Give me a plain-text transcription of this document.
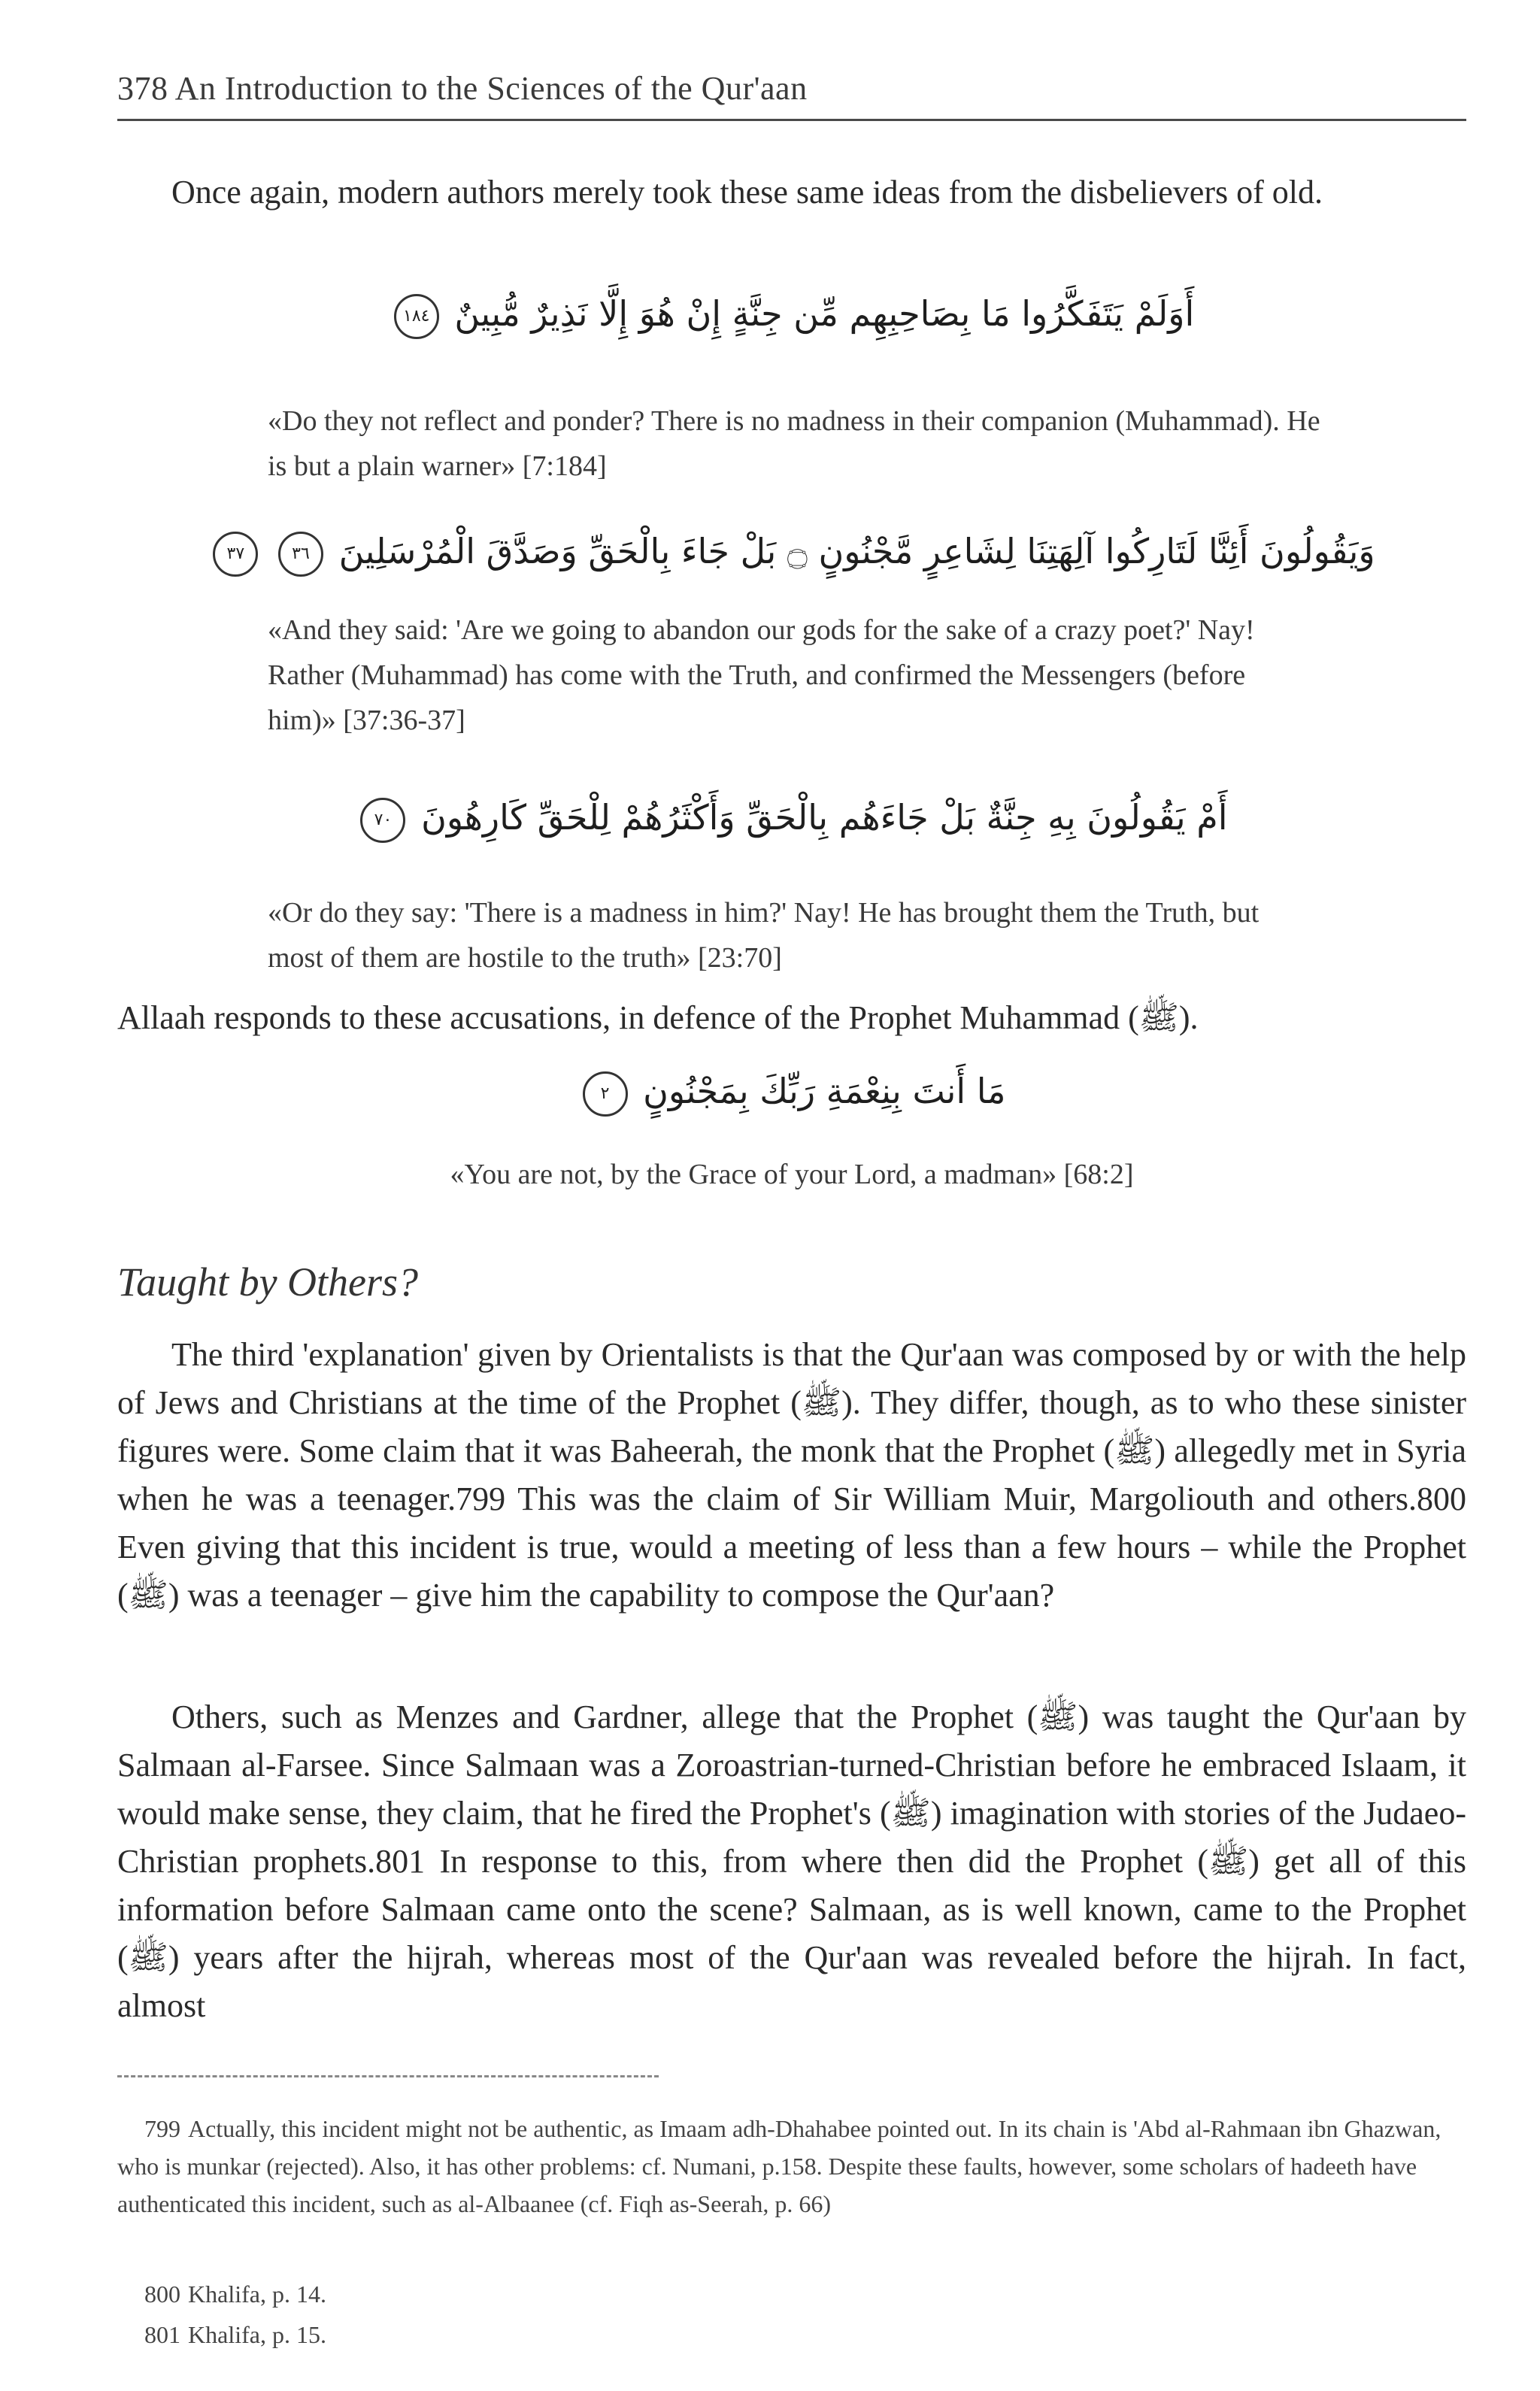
378 An Introduction to the Sciences of the Qur'aan
Once again, modern authors merely took these same ideas from the disbelievers of old.
أَوَلَمْ يَتَفَكَّرُوا مَا بِصَاحِبِهِم مِّن جِنَّةٍ إِنْ هُوَ إِلَّا نَذِيرٌ مُّبِينٌ ١٨٤
«Do they not reflect and ponder? There is no madness in their companion (Muhammad). He is but a plain warner» [7:184]
وَيَقُولُونَ أَئِنَّا لَتَارِكُوا آلِهَتِنَا لِشَاعِرٍ مَّجْنُونٍ ۝ بَلْ جَاءَ بِالْحَقِّ وَصَدَّقَ الْمُرْسَلِينَ ٣٦ ٣٧
«And they said: 'Are we going to abandon our gods for the sake of a crazy poet?' Nay! Rather (Muhammad) has come with the Truth, and confirmed the Messengers (before him)» [37:36-37]
أَمْ يَقُولُونَ بِهِ جِنَّةٌ بَلْ جَاءَهُم بِالْحَقِّ وَأَكْثَرُهُمْ لِلْحَقِّ كَارِهُونَ ٧٠
«Or do they say: 'There is a madness in him?' Nay! He has brought them the Truth, but most of them are hostile to the truth» [23:70]
Allaah responds to these accusations, in defence of the Prophet Muhammad (ﷺ).
مَا أَنتَ بِنِعْمَةِ رَبِّكَ بِمَجْنُونٍ ٢
«You are not, by the Grace of your Lord, a madman» [68:2]
Taught by Others?
The third 'explanation' given by Orientalists is that the Qur'aan was composed by or with the help of Jews and Christians at the time of the Prophet (ﷺ). They differ, though, as to who these sinister figures were. Some claim that it was Baheerah, the monk that the Prophet (ﷺ) allegedly met in Syria when he was a teenager.799 This was the claim of Sir William Muir, Margoliouth and others.800 Even giving that this incident is true, would a meeting of less than a few hours – while the Prophet (ﷺ) was a teenager – give him the capability to compose the Qur'aan?
Others, such as Menzes and Gardner, allege that the Prophet (ﷺ) was taught the Qur'aan by Salmaan al-Farsee. Since Salmaan was a Zoroastrian-turned-Christian before he embraced Islaam, it would make sense, they claim, that he fired the Prophet's (ﷺ) imagination with stories of the Judaeo-Christian prophets.801 In response to this, from where then did the Prophet (ﷺ) get all of this information before Salmaan came onto the scene? Salmaan, as is well known, came to the Prophet (ﷺ) years after the hijrah, whereas most of the Qur'aan was revealed before the hijrah. In fact, almost
799 Actually, this incident might not be authentic, as Imaam adh-Dhahabee pointed out. In its chain is 'Abd al-Rahmaan ibn Ghazwan, who is munkar (rejected). Also, it has other problems: cf. Numani, p.158. Despite these faults, however, some scholars of hadeeth have authenticated this incident, such as al-Albaanee (cf. Fiqh as-Seerah, p. 66)
800 Khalifa, p. 14.
801 Khalifa, p. 15.
